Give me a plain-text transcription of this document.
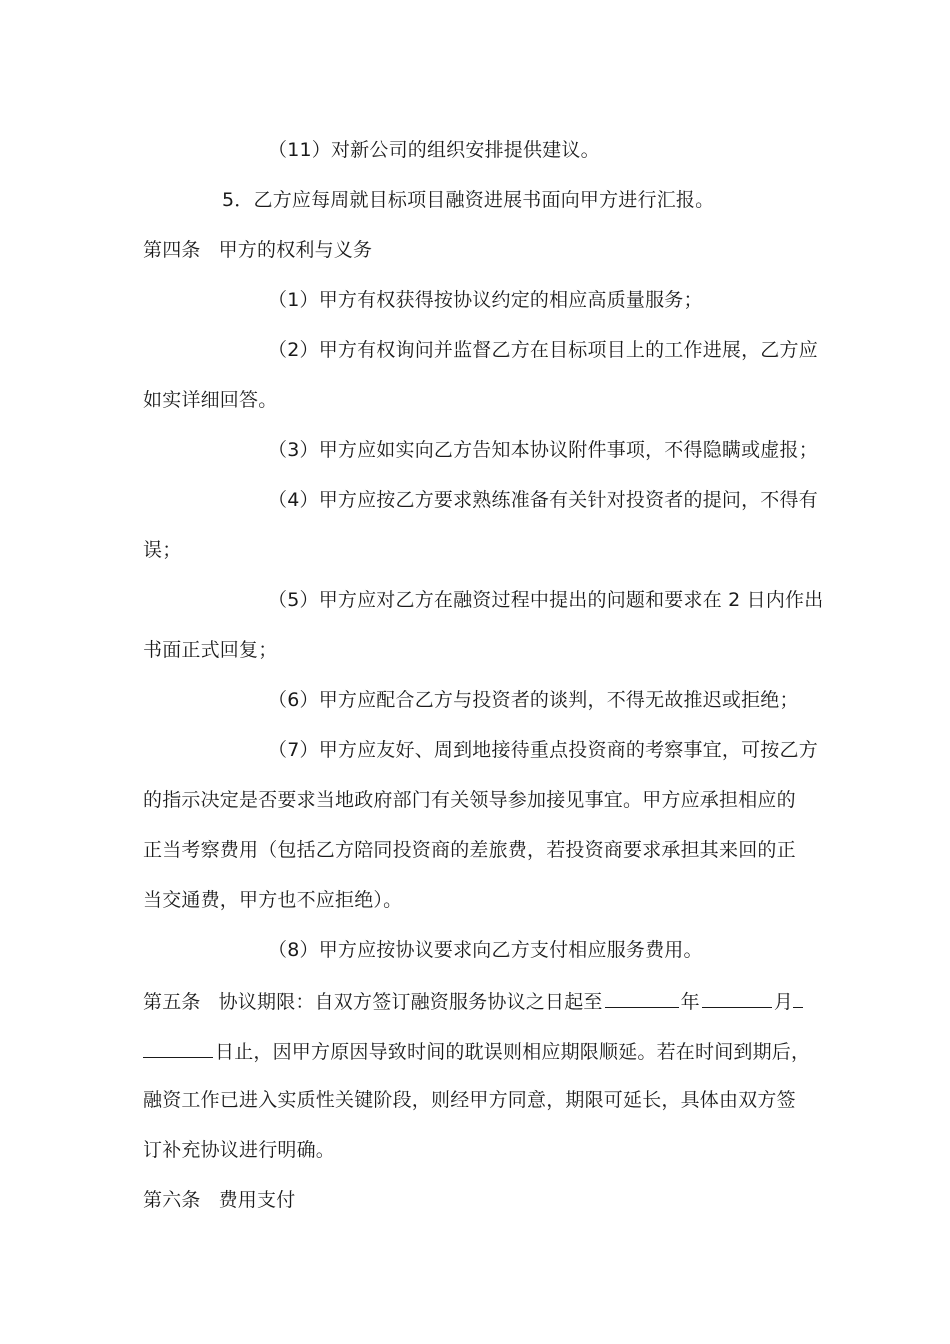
（11）对新公司的组织安排提供建议。
5．乙方应每周就目标项目融资进展书面向甲方进行汇报。
第四条 甲方的权利与义务
（1）甲方有权获得按协议约定的相应高质量服务；
（2）甲方有权询问并监督乙方在目标项目上的工作进展，乙方应
如实详细回答。
（3）甲方应如实向乙方告知本协议附件事项，不得隐瞒或虚报；
（4）甲方应按乙方要求熟练准备有关针对投资者的提问，不得有
误；
（5）甲方应对乙方在融资过程中提出的问题和要求在 2 日内作出
书面正式回复；
（6）甲方应配合乙方与投资者的谈判，不得无故推迟或拒绝；
（7）甲方应友好、周到地接待重点投资商的考察事宜，可按乙方
的指示决定是否要求当地政府部门有关领导参加接见事宜。甲方应承担相应的
正当考察费用（包括乙方陪同投资商的差旅费，若投资商要求承担其来回的正
当交通费，甲方也不应拒绝）。
（8）甲方应按协议要求向乙方支付相应服务费用。
第五条 协议期限：自双方签订融资服务协议之日起至	年	月
日止，因甲方原因导致时间的耽误则相应期限顺延。若在时间到期后，
融资工作已进入实质性关键阶段，则经甲方同意，期限可延长，具体由双方签
订补充协议进行明确。
第六条 费用支付
